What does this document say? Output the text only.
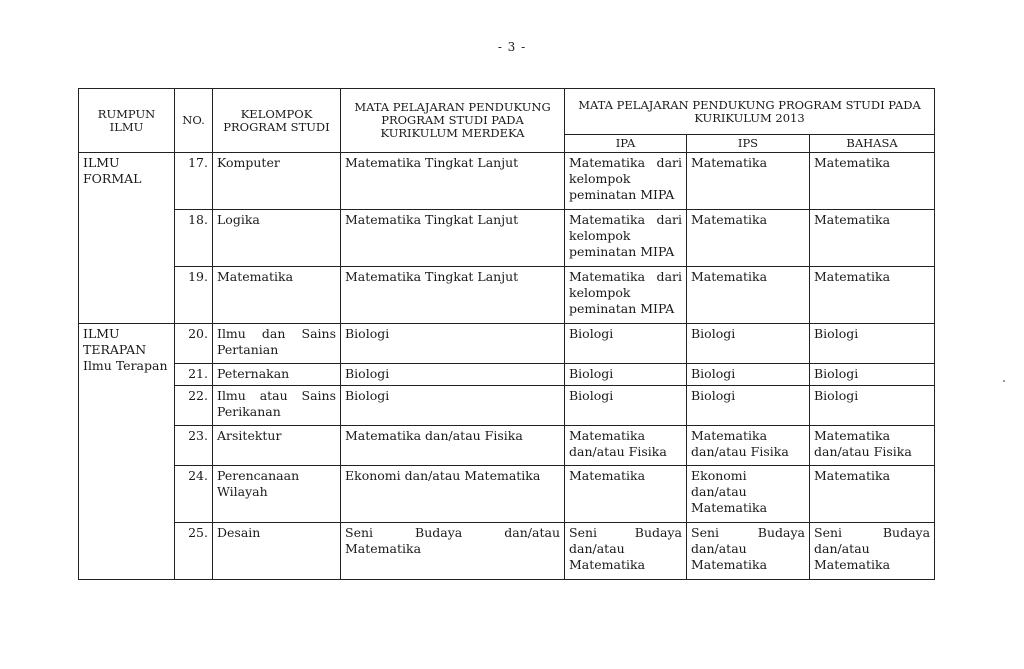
- 3 -
RUMPUN ILMU	NO.	KELOMPOK PROGRAM STUDI	MATA PELAJARAN PENDUKUNG PROGRAM STUDI PADA KURIKULUM MERDEKA	MATA PELAJARAN PENDUKUNG PROGRAM STUDI PADA KURIKULUM 2013		
				IPA	IPS	BAHASA
ILMU FORMAL	17.	Komputer	Matematika Tingkat Lanjut	Matematika dari kelompok peminatan MIPA	Matematika	Matematika
	18.	Logika	Matematika Tingkat Lanjut	Matematika dari kelompok peminatan MIPA	Matematika	Matematika
	19.	Matematika	Matematika Tingkat Lanjut	Matematika dari kelompok peminatan MIPA	Matematika	Matematika

ILMU TERAPAN
Ilmu Terapan	20.	Ilmu dan Sains Pertanian	Biologi	Biologi	Biologi	Biologi
	21.	Peternakan	Biologi	Biologi	Biologi	Biologi
	22.	Ilmu atau Sains Perikanan	Biologi	Biologi	Biologi	Biologi
	23.	Arsitektur	Matematika dan/atau Fisika	Matematika dan/atau Fisika	Matematika dan/atau Fisika	Matematika dan/atau Fisika
	24.	Perencanaan Wilayah	Ekonomi dan/atau Matematika	Matematika	Ekonomi dan/atau Matematika	Matematika
	25.	Desain	Seni Budaya dan/atau Matematika	Seni Budaya dan/atau Matematika	Seni Budaya dan/atau Matematika	Seni Budaya dan/atau Matematika
